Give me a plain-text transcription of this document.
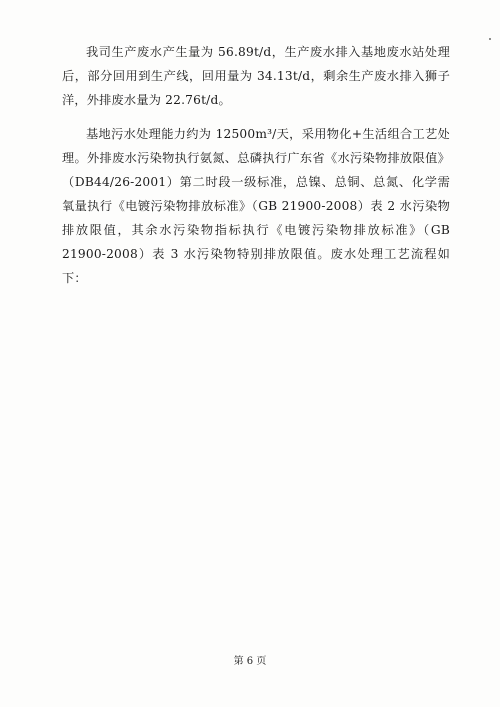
我司生产废水产生量为 56.89t/d，生产废水排入基地废水站处理后，部分回用到生产线，回用量为 34.13t/d，剩余生产废水排入狮子洋，外排废水量为 22.76t/d。

基地污水处理能力约为 12500m³/天，采用物化+生活组合工艺处理。外排废水污染物执行氨氮、总磷执行广东省《水污染物排放限值》（DB44/26-2001）第二时段一级标准，总镍、总铜、总氮、化学需氧量执行《电镀污染物排放标准》（GB 21900-2008）表 2 水污染物排放限值，其余水污染物指标执行《电镀污染物排放标准》（GB 21900-2008）表 3 水污染物特别排放限值。废水处理工艺流程如下：

第 6 页
